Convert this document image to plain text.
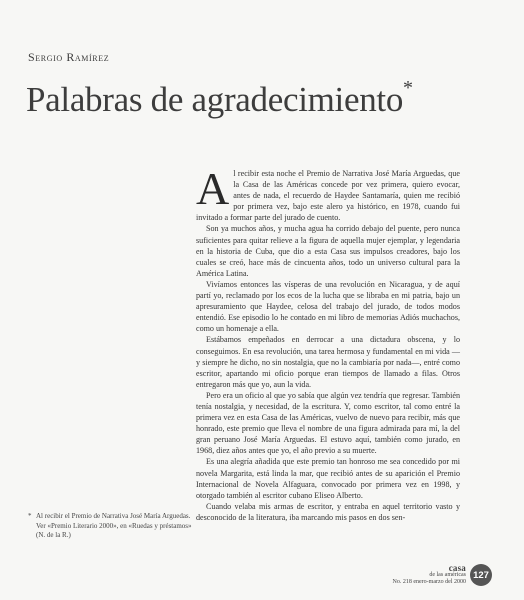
Sergio Ramírez
Palabras de agradecimiento*

Al recibir esta noche el Premio de Narrativa José María Arguedas, que la Casa de las Américas concede por vez primera, quiero evocar, antes de nada, el recuerdo de Haydee Santamaría, quien me recibió por primera vez, bajo este alero ya histórico, en 1978, cuando fui invitado a formar parte del jurado de cuento.

Son ya muchos años, y mucha agua ha corrido debajo del puente, pero nunca suficientes para quitar relieve a la figura de aquella mujer ejemplar, y legendaria en la historia de Cuba, que dio a esta Casa sus impulsos creadores, bajo los cuales se creó, hace más de cincuenta años, todo un universo cultural para la América Latina.

Vivíamos entonces las vísperas de una revolución en Nicaragua, y de aquí partí yo, reclamado por los ecos de la lucha que se libraba en mi patria, bajo un apresuramiento que Haydee, celosa del trabajo del jurado, de todos modos entendió. Ese episodio lo he contado en mi libro de memorias Adiós muchachos, como un homenaje a ella.

Estábamos empeñados en derrocar a una dictadura obscena, y lo conseguimos. En esa revolución, una tarea hermosa y fundamental en mi vida —y siempre he dicho, no sin nostalgia, que no la cambiaría por nada—, entré como escritor, apartando mi oficio porque eran tiempos de llamado a filas. Otros entregaron más que yo, aun la vida.

Pero era un oficio al que yo sabía que algún vez tendría que regresar. También tenía nostalgia, y necesidad, de la escritura. Y, como escritor, tal como entré la primera vez en esta Casa de las Américas, vuelvo de nuevo para recibir, más que honrado, este premio que lleva el nombre de una figura admirada para mí, la del gran peruano José María Arguedas. El estuvo aquí, también como jurado, en 1968, diez años antes que yo, el año previo a su muerte.

Es una alegría añadida que este premio tan honroso me sea concedido por mi novela Margarita, está linda la mar, que recibió antes de su aparición el Premio Internacional de Novela Alfaguara, convocado por primera vez en 1998, y otorgado también al escritor cubano Eliseo Alberto.

Cuando velaba mis armas de escritor, y entraba en aquel territorio vasto y desconocido de la literatura, iba marcando mis pasos en dos sen-

* Al recibir el Premio de Narrativa José María Arguedas. Ver «Premio Literario 2000», en «Ruedas y préstamos» (N. de la R.)
casa
de las américas
No. 218 enero-marzo del 2000
127
